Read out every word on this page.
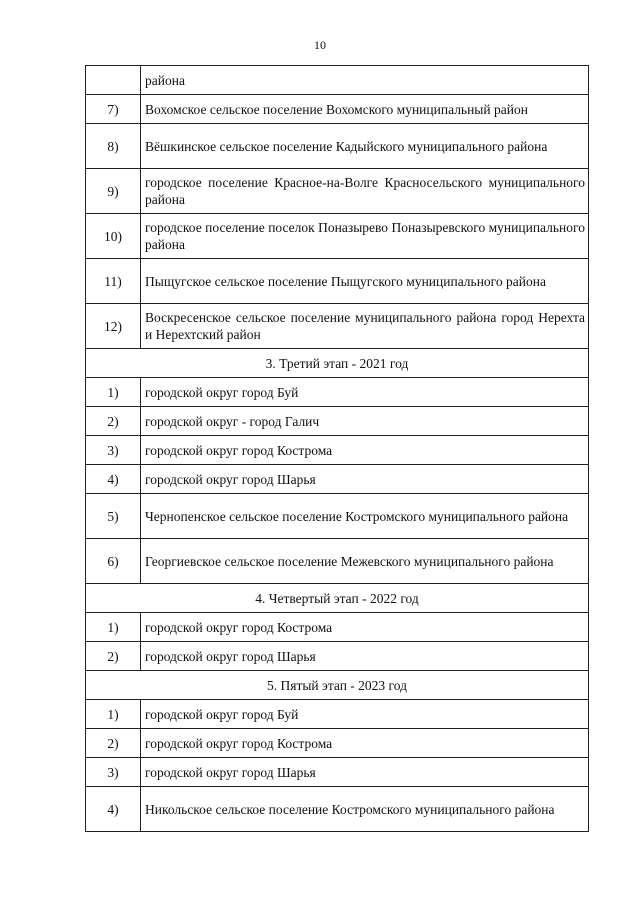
10
	района
7)	Вохомское сельское поселение Вохомского муниципальный район
8)	Вёшкинское сельское поселение Кадыйского муниципального района
9)	городское поселение Красное-на-Волге Красносельского муниципального района
10)	городское поселение поселок Поназырево Поназыревского муниципального района
11)	Пыщугское сельское поселение Пыщугского муниципального района
12)	Воскресенское сельское поселение муниципального района город Нерехта и Нерехтский район
3. Третий этап - 2021 год	
1)	городской округ город Буй
2)	городской округ - город Галич
3)	городской округ город Кострома
4)	городской округ город Шарья
5)	Чернопенское сельское поселение Костромского муниципального района
6)	Георгиевское сельское поселение Межевского муниципального района
4. Четвертый этап - 2022 год	
1)	городской округ город Кострома
2)	городской округ город Шарья
5. Пятый этап - 2023 год	
1)	городской округ город Буй
2)	городской округ город Кострома
3)	городской округ город Шарья
4)	Никольское сельское поселение Костромского муниципального района
